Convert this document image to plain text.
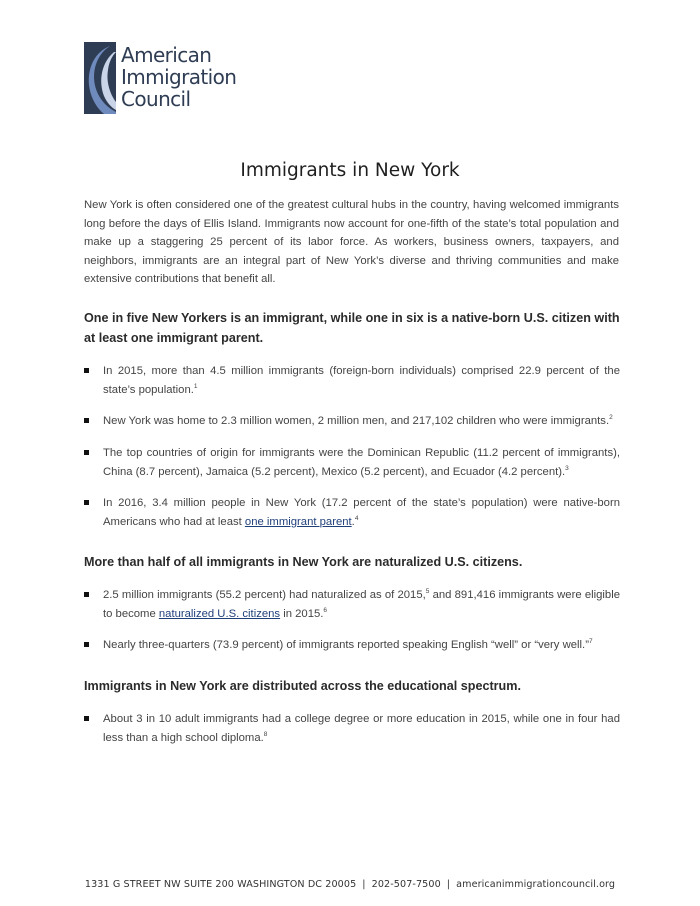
American
Immigration
Council
Immigrants in New York

New York is often considered one of the greatest cultural hubs in the country, having welcomed immigrants long before the days of Ellis Island. Immigrants now account for one-fifth of the state’s total population and make up a staggering 25 percent of its labor force. As workers, business owners, taxpayers, and neighbors, immigrants are an integral part of New York’s diverse and thriving communities and make extensive contributions that benefit all.

One in five New Yorkers is an immigrant, while one in six is a native-born U.S. citizen with at least one immigrant parent.
In 2015, more than 4.5 million immigrants (foreign-born individuals) comprised 22.9 percent of the state’s population.$^1$
New York was home to 2.3 million women, 2 million men, and 217,102 children who were immigrants.$^2$
The top countries of origin for immigrants were the Dominican Republic (11.2 percent of immigrants), China (8.7 percent), Jamaica (5.2 percent), Mexico (5.2 percent), and Ecuador (4.2 percent).$^3$
In 2016, 3.4 million people in New York (17.2 percent of the state’s population) were native-born Americans who had at least one immigrant parent.$^4$
More than half of all immigrants in New York are naturalized U.S. citizens.
2.5 million immigrants (55.2 percent) had naturalized as of 2015,$^5$ and 891,416 immigrants were eligible to become naturalized U.S. citizens in 2015.$^6$
Nearly three-quarters (73.9 percent) of immigrants reported speaking English “well” or “very well.”$^7$
Immigrants in New York are distributed across the educational spectrum.
About 3 in 10 adult immigrants had a college degree or more education in 2015, while one in four had less than a high school diploma.$^8$
1331 G STREET NW SUITE 200 WASHINGTON DC 20005 | 202-507-7500 | americanimmigrationcouncil.org
